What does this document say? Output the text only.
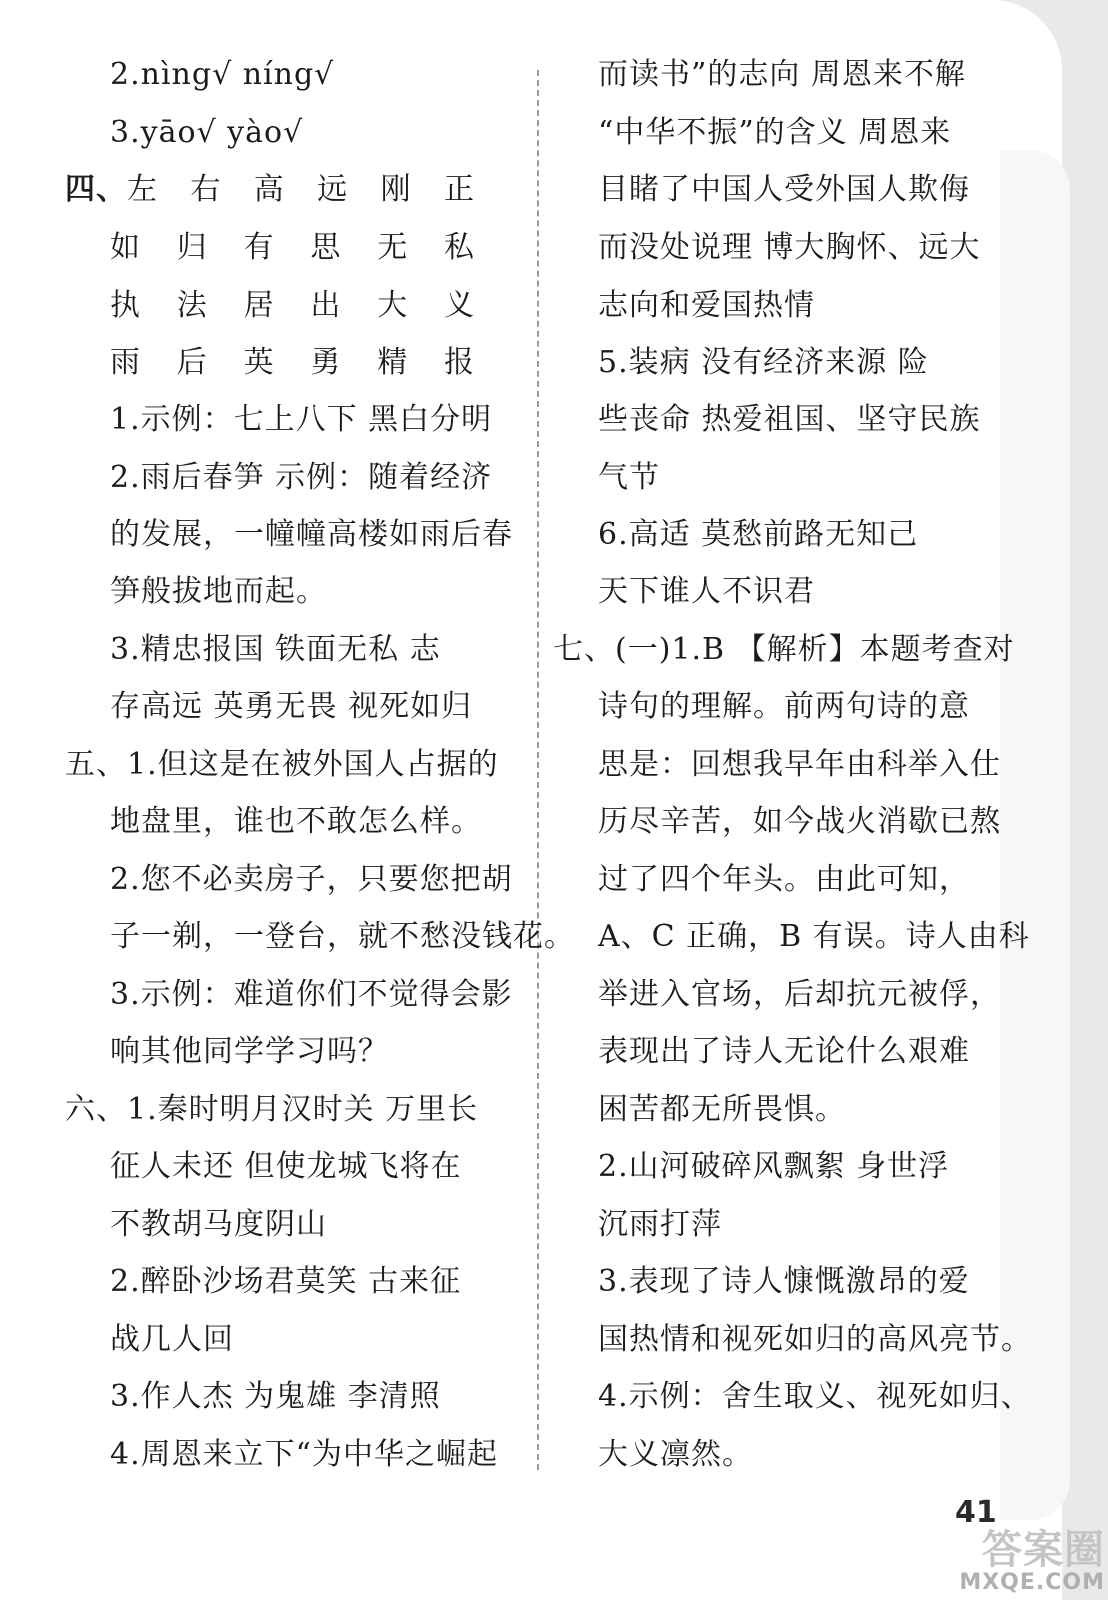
2.nìng√ níng√
3.yāo√ yào√
四、左 右 高 远 刚 正
如 归 有 思 无 私
执 法 居 出 大 义
雨 后 英 勇 精 报
1.示例：七上八下 黑白分明
2.雨后春笋 示例：随着经济
的发展，一幢幢高楼如雨后春
笋般拔地而起。
3.精忠报国 铁面无私 志
存高远 英勇无畏 视死如归
五、1.但这是在被外国人占据的
地盘里，谁也不敢怎么样。
2.您不必卖房子，只要您把胡
子一剃，一登台，就不愁没钱花。
3.示例：难道你们不觉得会影
响其他同学学习吗？
六、1.秦时明月汉时关 万里长
征人未还 但使龙城飞将在
不教胡马度阴山
2.醉卧沙场君莫笑 古来征
战几人回
3.作人杰 为鬼雄 李清照
4.周恩来立下“为中华之崛起
而读书”的志向 周恩来不解
“中华不振”的含义 周恩来
目睹了中国人受外国人欺侮
而没处说理 博大胸怀、远大
志向和爱国热情
5.装病 没有经济来源 险
些丧命 热爱祖国、坚守民族
气节
6.高适 莫愁前路无知己
天下谁人不识君
七、(一)1.B 【解析】本题考查对
诗句的理解。前两句诗的意
思是：回想我早年由科举入仕
历尽辛苦，如今战火消歇已熬
过了四个年头。由此可知，
A、C 正确，B 有误。诗人由科
举进入官场，后却抗元被俘，
表现出了诗人无论什么艰难
困苦都无所畏惧。
2.山河破碎风飘絮 身世浮
沉雨打萍
3.表现了诗人慷慨激昂的爱
国热情和视死如归的高风亮节。
4.示例：舍生取义、视死如归、
大义凛然。
41
答案圈
MXQE.COM
